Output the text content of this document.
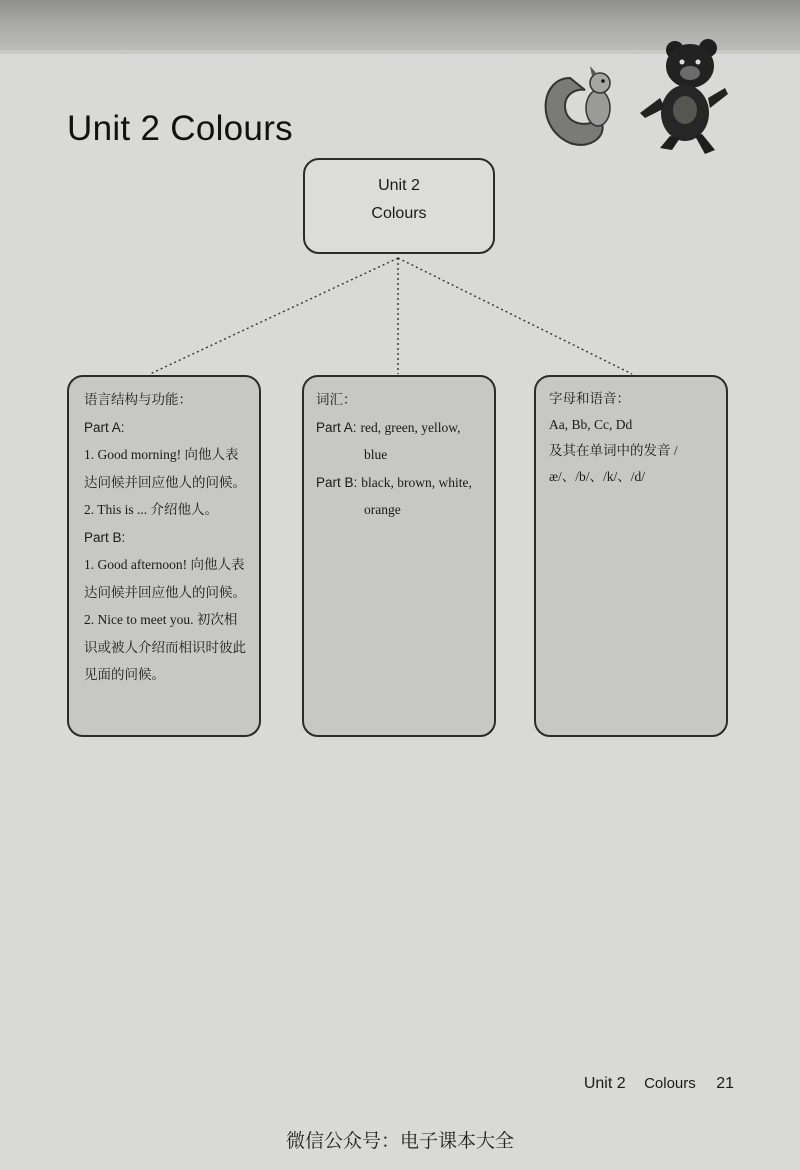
Unit 2 Colours
Unit 2
Colours
语言结构与功能：

Part A:

1. Good morning! 向他人表达问候并回应他人的问候。

2. This is ... 介绍他人。

Part B:

1. Good afternoon! 向他人表达问候并回应他人的问候。

2. Nice to meet you. 初次相识或被人介绍而相识时彼此见面的问候。

词汇：
Part A: red, green, yellow,
blue
Part B: black, brown, white,
orange
字母和语音：

Aa, Bb, Cc, Dd

及其在单词中的发音 /æ/、/b/、/k/、/d/

Unit 2 Colours 21
微信公众号：电子课本大全
